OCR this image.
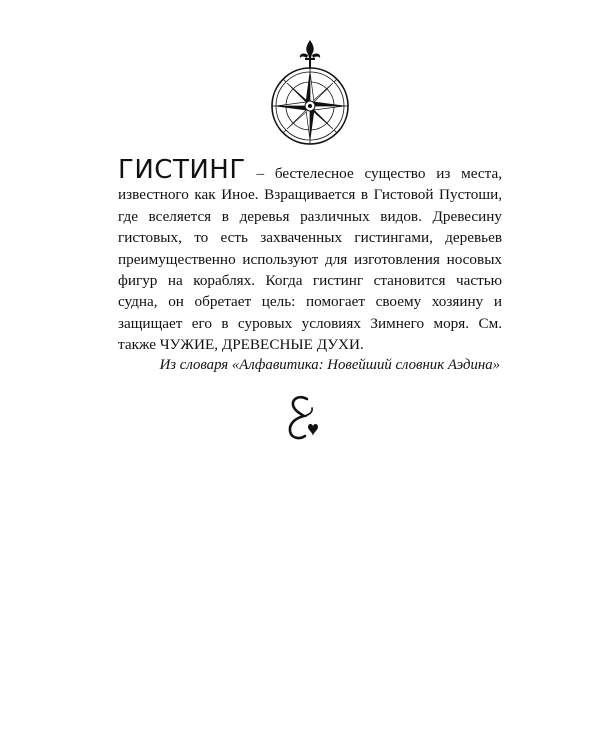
ГИСТИНГ – бестелесное существо из места, известного как Иное. Взращивается в Гистовой Пустоши, где вселяется в деревья различных видов. Древесину гистовых, то есть захваченных гистингами, деревьев преимущественно используют для изготовления носовых фигур на кораблях. Когда гистинг становится частью судна, он обретает цель: помогает своему хозяину и защищает его в суровых условиях Зимнего моря. См. также ЧУЖИЕ, ДРЕВЕСНЫЕ ДУХИ.

Из словаря «Алфавитика: Новейший словник Аэдина»
